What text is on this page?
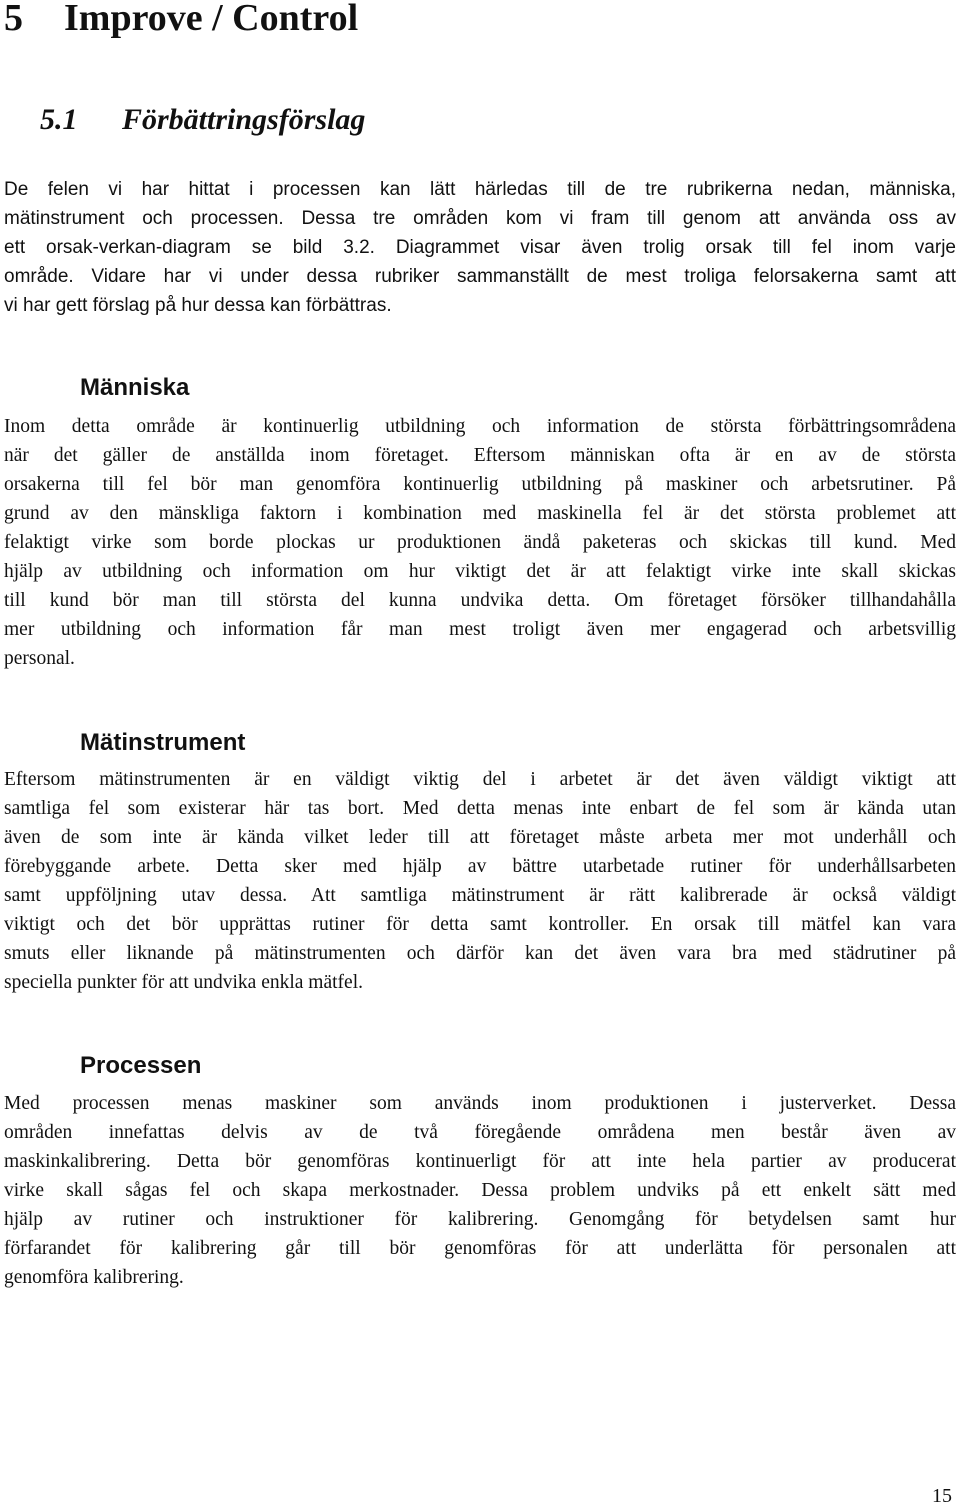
5 Improve / Control
5.1 Förbättringsförslag
De felen vi har hittat i processen kan lätt härledas till de tre rubrikerna nedan, människa,
mätinstrument och processen. Dessa tre områden kom vi fram till genom att använda oss av
ett orsak-verkan-diagram se bild 3.2. Diagrammet visar även trolig orsak till fel inom varje
område. Vidare har vi under dessa rubriker sammanställt de mest troliga felorsakerna samt att
vi har gett förslag på hur dessa kan förbättras.
Människa
Inom detta område är kontinuerlig utbildning och information de största förbättringsområdena
när det gäller de anställda inom företaget. Eftersom människan ofta är en av de största
orsakerna till fel bör man genomföra kontinuerlig utbildning på maskiner och arbetsrutiner. På
grund av den mänskliga faktorn i kombination med maskinella fel är det största problemet att
felaktigt virke som borde plockas ur produktionen ändå paketeras och skickas till kund. Med
hjälp av utbildning och information om hur viktigt det är att felaktigt virke inte skall skickas
till kund bör man till största del kunna undvika detta. Om företaget försöker tillhandahålla
mer utbildning och information får man mest troligt även mer engagerad och arbetsvillig
personal.
Mätinstrument
Eftersom mätinstrumenten är en väldigt viktig del i arbetet är det även väldigt viktigt att
samtliga fel som existerar här tas bort. Med detta menas inte enbart de fel som är kända utan
även de som inte är kända vilket leder till att företaget måste arbeta mer mot underhåll och
förebyggande arbete. Detta sker med hjälp av bättre utarbetade rutiner för underhållsarbeten
samt uppföljning utav dessa. Att samtliga mätinstrument är rätt kalibrerade är också väldigt
viktigt och det bör upprättas rutiner för detta samt kontroller. En orsak till mätfel kan vara
smuts eller liknande på mätinstrumenten och därför kan det även vara bra med städrutiner på
speciella punkter för att undvika enkla mätfel.
Processen
Med processen menas maskiner som används inom produktionen i justerverket. Dessa
områden innefattas delvis av de två föregående områdena men består även av
maskinkalibrering. Detta bör genomföras kontinuerligt för att inte hela partier av producerat
virke skall sågas fel och skapa merkostnader. Dessa problem undviks på ett enkelt sätt med
hjälp av rutiner och instruktioner för kalibrering. Genomgång för betydelsen samt hur
förfarandet för kalibrering går till bör genomföras för att underlätta för personalen att
genomföra kalibrering.
15
